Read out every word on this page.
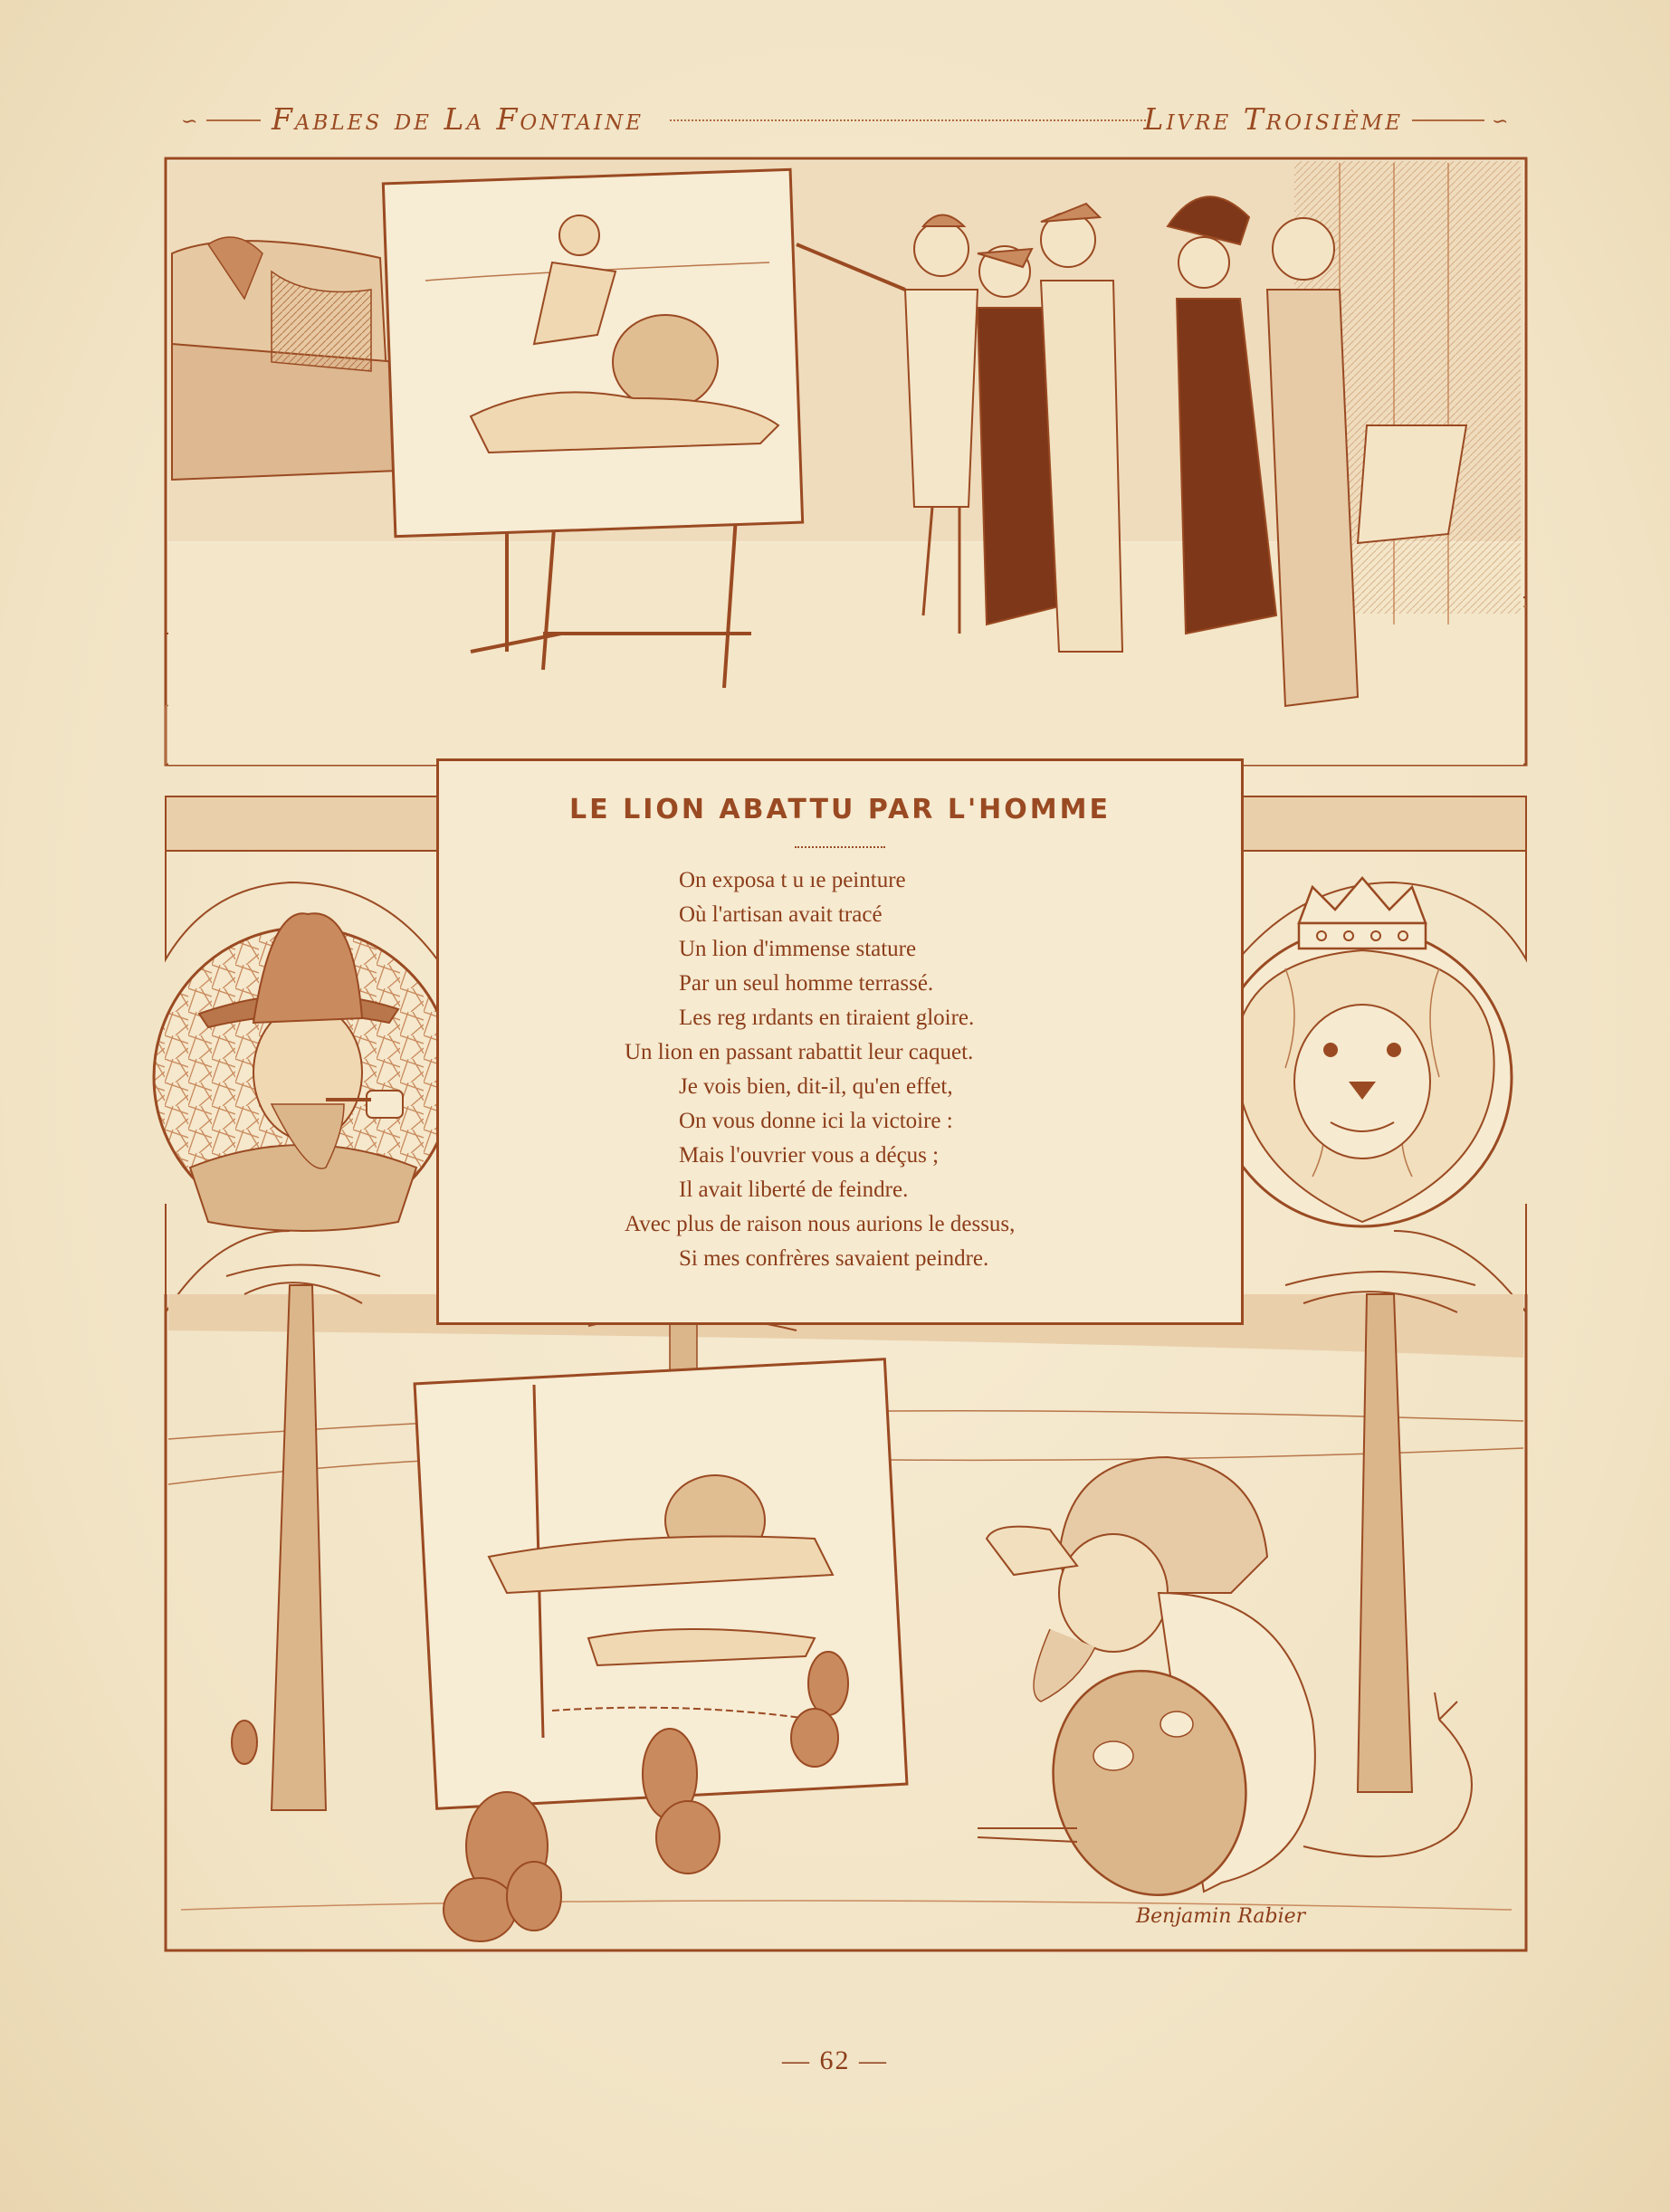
∽ Fables de La Fontaine	Livre Troisième	∽
LE LION ABATTU PAR L'HOMME
On exposa t u ıe peinture
Où l'artisan avait tracé
Un lion d'immense stature
Par un seul homme terrassé.
Les reg ırdants en tiraient gloire.
Un lion en passant rabattit leur caquet.
Je vois bien, dit-il, qu'en effet,
On vous donne ici la victoire :
Mais l'ouvrier vous a déçus ;
Il avait liberté de feindre.
Avec plus de raison nous aurions le dessus,
Si mes confrères savaient peindre.
Benjamin Rabier
— 62 —
